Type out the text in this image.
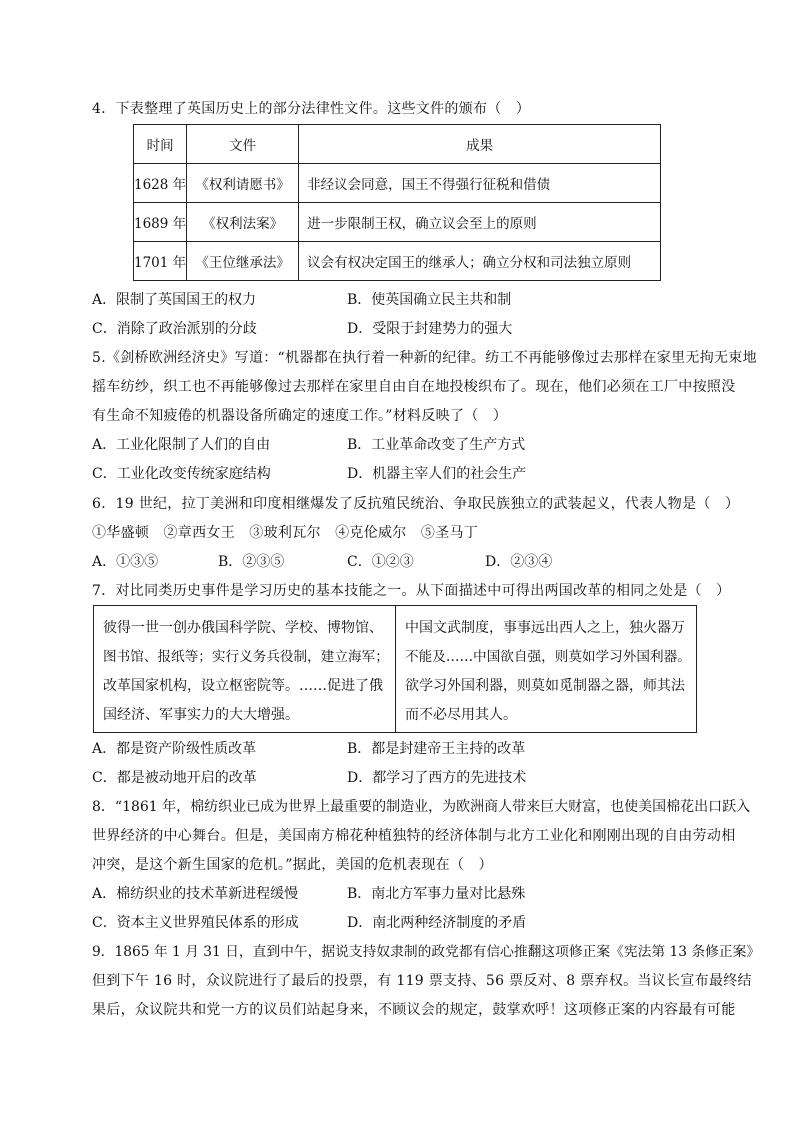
4．下表整理了英国历史上的部分法律性文件。这些文件的颁布（　）
时间	文件	成果
1628 年	《权利请愿书》	非经议会同意，国王不得强行征税和借债
1689 年	《权利法案》	进一步限制王权，确立议会至上的原则
1701 年	《王位继承法》	议会有权决定国王的继承人；确立分权和司法独立原则
A．限制了英国国王的权力	B．使英国确立民主共和制
C．消除了政治派别的分歧	D．受限于封建势力的强大
5.《剑桥欧洲经济史》写道：“机器都在执行着一种新的纪律。纺工不再能够像过去那样在家里无拘无束地
摇车纺纱，织工也不再能够像过去那样在家里自由自在地投梭织布了。现在，他们必须在工厂中按照没
有生命不知疲倦的机器设备所确定的速度工作。”材料反映了（　）
A．工业化限制了人们的自由	B．工业革命改变了生产方式
C．工业化改变传统家庭结构	D．机器主宰人们的社会生产
6．19 世纪，拉丁美洲和印度相继爆发了反抗殖民统治、争取民族独立的武装起义，代表人物是（　）
①华盛顿　②章西女王　③玻利瓦尔　④克伦威尔　⑤圣马丁
A．①③⑤	B．②③⑤	C．①②③	D．②③④
7．对比同类历史事件是学习历史的基本技能之一。从下面描述中可得出两国改革的相同之处是（　）
彼得一世一创办俄国科学院、学校、博物馆、
图书馆、报纸等；实行义务兵役制，建立海军；
改革国家机构，设立枢密院等。……促进了俄
国经济、军事实力的大大增强。
中国文武制度，事事远出西人之上，独火器万
不能及……中国欲自强，则莫如学习外国利器。
欲学习外国利器，则莫如觅制器之器，师其法
而不必尽用其人。
A．都是资产阶级性质改革	B．都是封建帝王主持的改革
C．都是被动地开启的改革	D．都学习了西方的先进技术
8．“1861 年，棉纺织业已成为世界上最重要的制造业，为欧洲商人带来巨大财富，也使美国棉花出口跃入
世界经济的中心舞台。但是，美国南方棉花种植独特的经济体制与北方工业化和刚刚出现的自由劳动相
冲突，是这个新生国家的危机。”据此，美国的危机表现在（　）
A．棉纺织业的技术革新进程缓慢	B．南北方军事力量对比悬殊
C．资本主义世界殖民体系的形成	D．南北两种经济制度的矛盾
9．1865 年 1 月 31 日，直到中午，据说支持奴隶制的政党都有信心推翻这项修正案《宪法第 13 条修正案》
但到下午 16 时，众议院进行了最后的投票，有 119 票支持、56 票反对、8 票弃权。当议长宣布最终结
果后，众议院共和党一方的议员们站起身来，不顾议会的规定，鼓掌欢呼！这项修正案的内容最有可能
